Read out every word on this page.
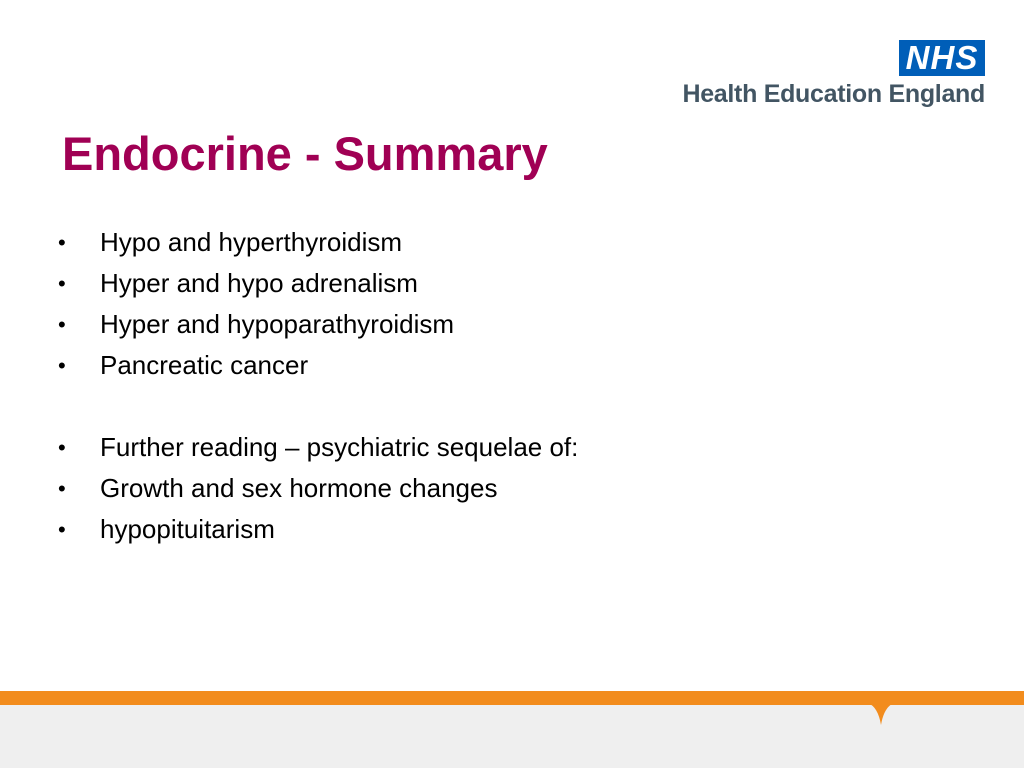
NHS
Health Education England
Endocrine - Summary
• Hypo and hyperthyroidism
• Hyper and hypo adrenalism
• Hyper and hypoparathyroidism
• Pancreatic cancer
• Further reading – psychiatric sequelae of:
• Growth and sex hormone changes
• hypopituitarism
